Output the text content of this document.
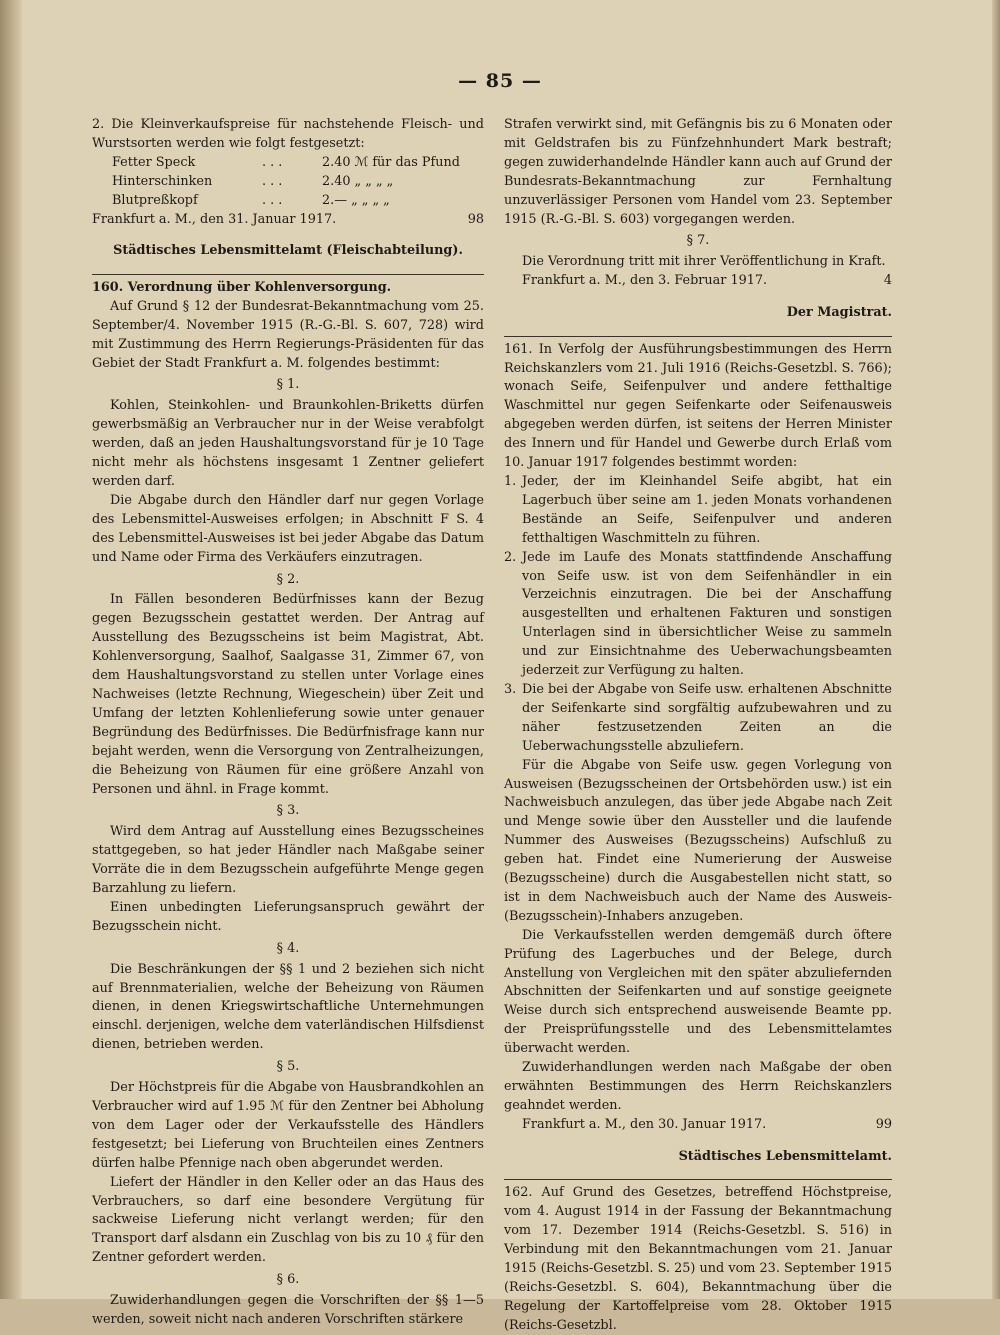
— 85 —

2. Die Kleinverkaufspreise für nachstehende Fleisch- und Wurstsorten werden wie folgt festgesetzt:

Fetter Speck	. . .	2.40 ℳ für das Pfund
Hinterschinken	. . .	2.40 „ „ „ „
Blutpreßkopf	. . .	2.— „ „ „ „
Frankfurt a. M., den 31. Januar 1917.	98

Städtisches Lebensmittelamt (Fleischabteilung).

160. Verordnung über Kohlenversorgung.

Auf Grund § 12 der Bundesrat-Bekanntmachung vom 25. September/4. November 1915 (R.-G.-Bl. S. 607, 728) wird mit Zustimmung des Herrn Regierungs-Präsidenten für das Gebiet der Stadt Frankfurt a. M. folgendes bestimmt:

§ 1.

Kohlen, Steinkohlen- und Braunkohlen-Briketts dürfen gewerbsmäßig an Verbraucher nur in der Weise verabfolgt werden, daß an jeden Haushaltungsvorstand für je 10 Tage nicht mehr als höchstens insgesamt 1 Zentner geliefert werden darf.

Die Abgabe durch den Händler darf nur gegen Vorlage des Lebensmittel-Ausweises erfolgen; in Abschnitt F S. 4 des Lebensmittel-Ausweises ist bei jeder Abgabe das Datum und Name oder Firma des Verkäufers einzutragen.

§ 2.

In Fällen besonderen Bedürfnisses kann der Bezug gegen Bezugsschein gestattet werden. Der Antrag auf Ausstellung des Bezugsscheins ist beim Magistrat, Abt. Kohlenversorgung, Saalhof, Saalgasse 31, Zimmer 67, von dem Haushaltungsvorstand zu stellen unter Vorlage eines Nachweises (letzte Rechnung, Wiegeschein) über Zeit und Umfang der letzten Kohlenlieferung sowie unter genauer Begründung des Bedürfnisses. Die Bedürfnisfrage kann nur bejaht werden, wenn die Versorgung von Zentralheizungen, die Beheizung von Räumen für eine größere Anzahl von Personen und ähnl. in Frage kommt.

§ 3.

Wird dem Antrag auf Ausstellung eines Bezugsscheines stattgegeben, so hat jeder Händler nach Maßgabe seiner Vorräte die in dem Bezugsschein aufgeführte Menge gegen Barzahlung zu liefern.

Einen unbedingten Lieferungsanspruch gewährt der Bezugsschein nicht.

§ 4.

Die Beschränkungen der §§ 1 und 2 beziehen sich nicht auf Brennmaterialien, welche der Beheizung von Räumen dienen, in denen Kriegswirtschaftliche Unternehmungen einschl. derjenigen, welche dem vaterländischen Hilfsdienst dienen, betrieben werden.

§ 5.

Der Höchstpreis für die Abgabe von Hausbrandkohlen an Verbraucher wird auf 1.95 ℳ für den Zentner bei Abholung von dem Lager oder der Verkaufsstelle des Händlers festgesetzt; bei Lieferung von Bruchteilen eines Zentners dürfen halbe Pfennige nach oben abgerundet werden.

Liefert der Händler in den Keller oder an das Haus des Verbrauchers, so darf eine besondere Vergütung für sackweise Lieferung nicht verlangt werden; für den Transport darf alsdann ein Zuschlag von bis zu 10 ₰ für den Zentner gefordert werden.

§ 6.

Zuwiderhandlungen gegen die Vorschriften der §§ 1—5 werden, soweit nicht nach anderen Vorschriften stärkere

Strafen verwirkt sind, mit Gefängnis bis zu 6 Monaten oder mit Geldstrafen bis zu Fünfzehnhundert Mark bestraft; gegen zuwiderhandelnde Händler kann auch auf Grund der Bundesrats-Bekanntmachung zur Fernhaltung unzuverlässiger Personen vom Handel vom 23. September 1915 (R.-G.-Bl. S. 603) vorgegangen werden.

§ 7.

Die Verordnung tritt mit ihrer Veröffentlichung in Kraft.

Frankfurt a. M., den 3. Februar 1917.	4

Der Magistrat.

161. In Verfolg der Ausführungsbestimmungen des Herrn Reichskanzlers vom 21. Juli 1916 (Reichs-Gesetzbl. S. 766); wonach Seife, Seifenpulver und andere fetthaltige Waschmittel nur gegen Seifenkarte oder Seifenausweis abgegeben werden dürfen, ist seitens der Herren Minister des Innern und für Handel und Gewerbe durch Erlaß vom 10. Januar 1917 folgendes bestimmt worden:

1. Jeder, der im Kleinhandel Seife abgibt, hat ein Lagerbuch über seine am 1. jeden Monats vorhandenen Bestände an Seife, Seifenpulver und anderen fetthaltigen Waschmitteln zu führen.
2. Jede im Laufe des Monats stattfindende Anschaffung von Seife usw. ist von dem Seifenhändler in ein Verzeichnis einzutragen. Die bei der Anschaffung ausgestellten und erhaltenen Fakturen und sonstigen Unterlagen sind in übersichtlicher Weise zu sammeln und zur Einsichtnahme des Ueberwachungsbeamten jederzeit zur Verfügung zu halten.
3. Die bei der Abgabe von Seife usw. erhaltenen Abschnitte der Seifenkarte sind sorgfältig aufzubewahren und zu näher festzusetzenden Zeiten an die Ueberwachungsstelle abzuliefern.

Für die Abgabe von Seife usw. gegen Vorlegung von Ausweisen (Bezugsscheinen der Ortsbehörden usw.) ist ein Nachweisbuch anzulegen, das über jede Abgabe nach Zeit und Menge sowie über den Aussteller und die laufende Nummer des Ausweises (Bezugsscheins) Aufschluß zu geben hat. Findet eine Numerierung der Ausweise (Bezugsscheine) durch die Ausgabestellen nicht statt, so ist in dem Nachweisbuch auch der Name des Ausweis-(Bezugsschein)-Inhabers anzugeben.

Die Verkaufsstellen werden demgemäß durch öftere Prüfung des Lagerbuches und der Belege, durch Anstellung von Vergleichen mit den später abzuliefernden Abschnitten der Seifenkarten und auf sonstige geeignete Weise durch sich entsprechend ausweisende Beamte pp. der Preisprüfungsstelle und des Lebensmittelamtes überwacht werden.

Zuwiderhandlungen werden nach Maßgabe der oben erwähnten Bestimmungen des Herrn Reichskanzlers geahndet werden.

Frankfurt a. M., den 30. Januar 1917.	99

Städtisches Lebensmittelamt.

162. Auf Grund des Gesetzes, betreffend Höchstpreise, vom 4. August 1914 in der Fassung der Bekanntmachung vom 17. Dezember 1914 (Reichs-Gesetzbl. S. 516) in Verbindung mit den Bekanntmachungen vom 21. Januar 1915 (Reichs-Gesetzbl. S. 25) und vom 23. September 1915 (Reichs-Gesetzbl. S. 604), Bekanntmachung über die Regelung der Kartoffelpreise vom 28. Oktober 1915 (Reichs-Gesetzbl.
